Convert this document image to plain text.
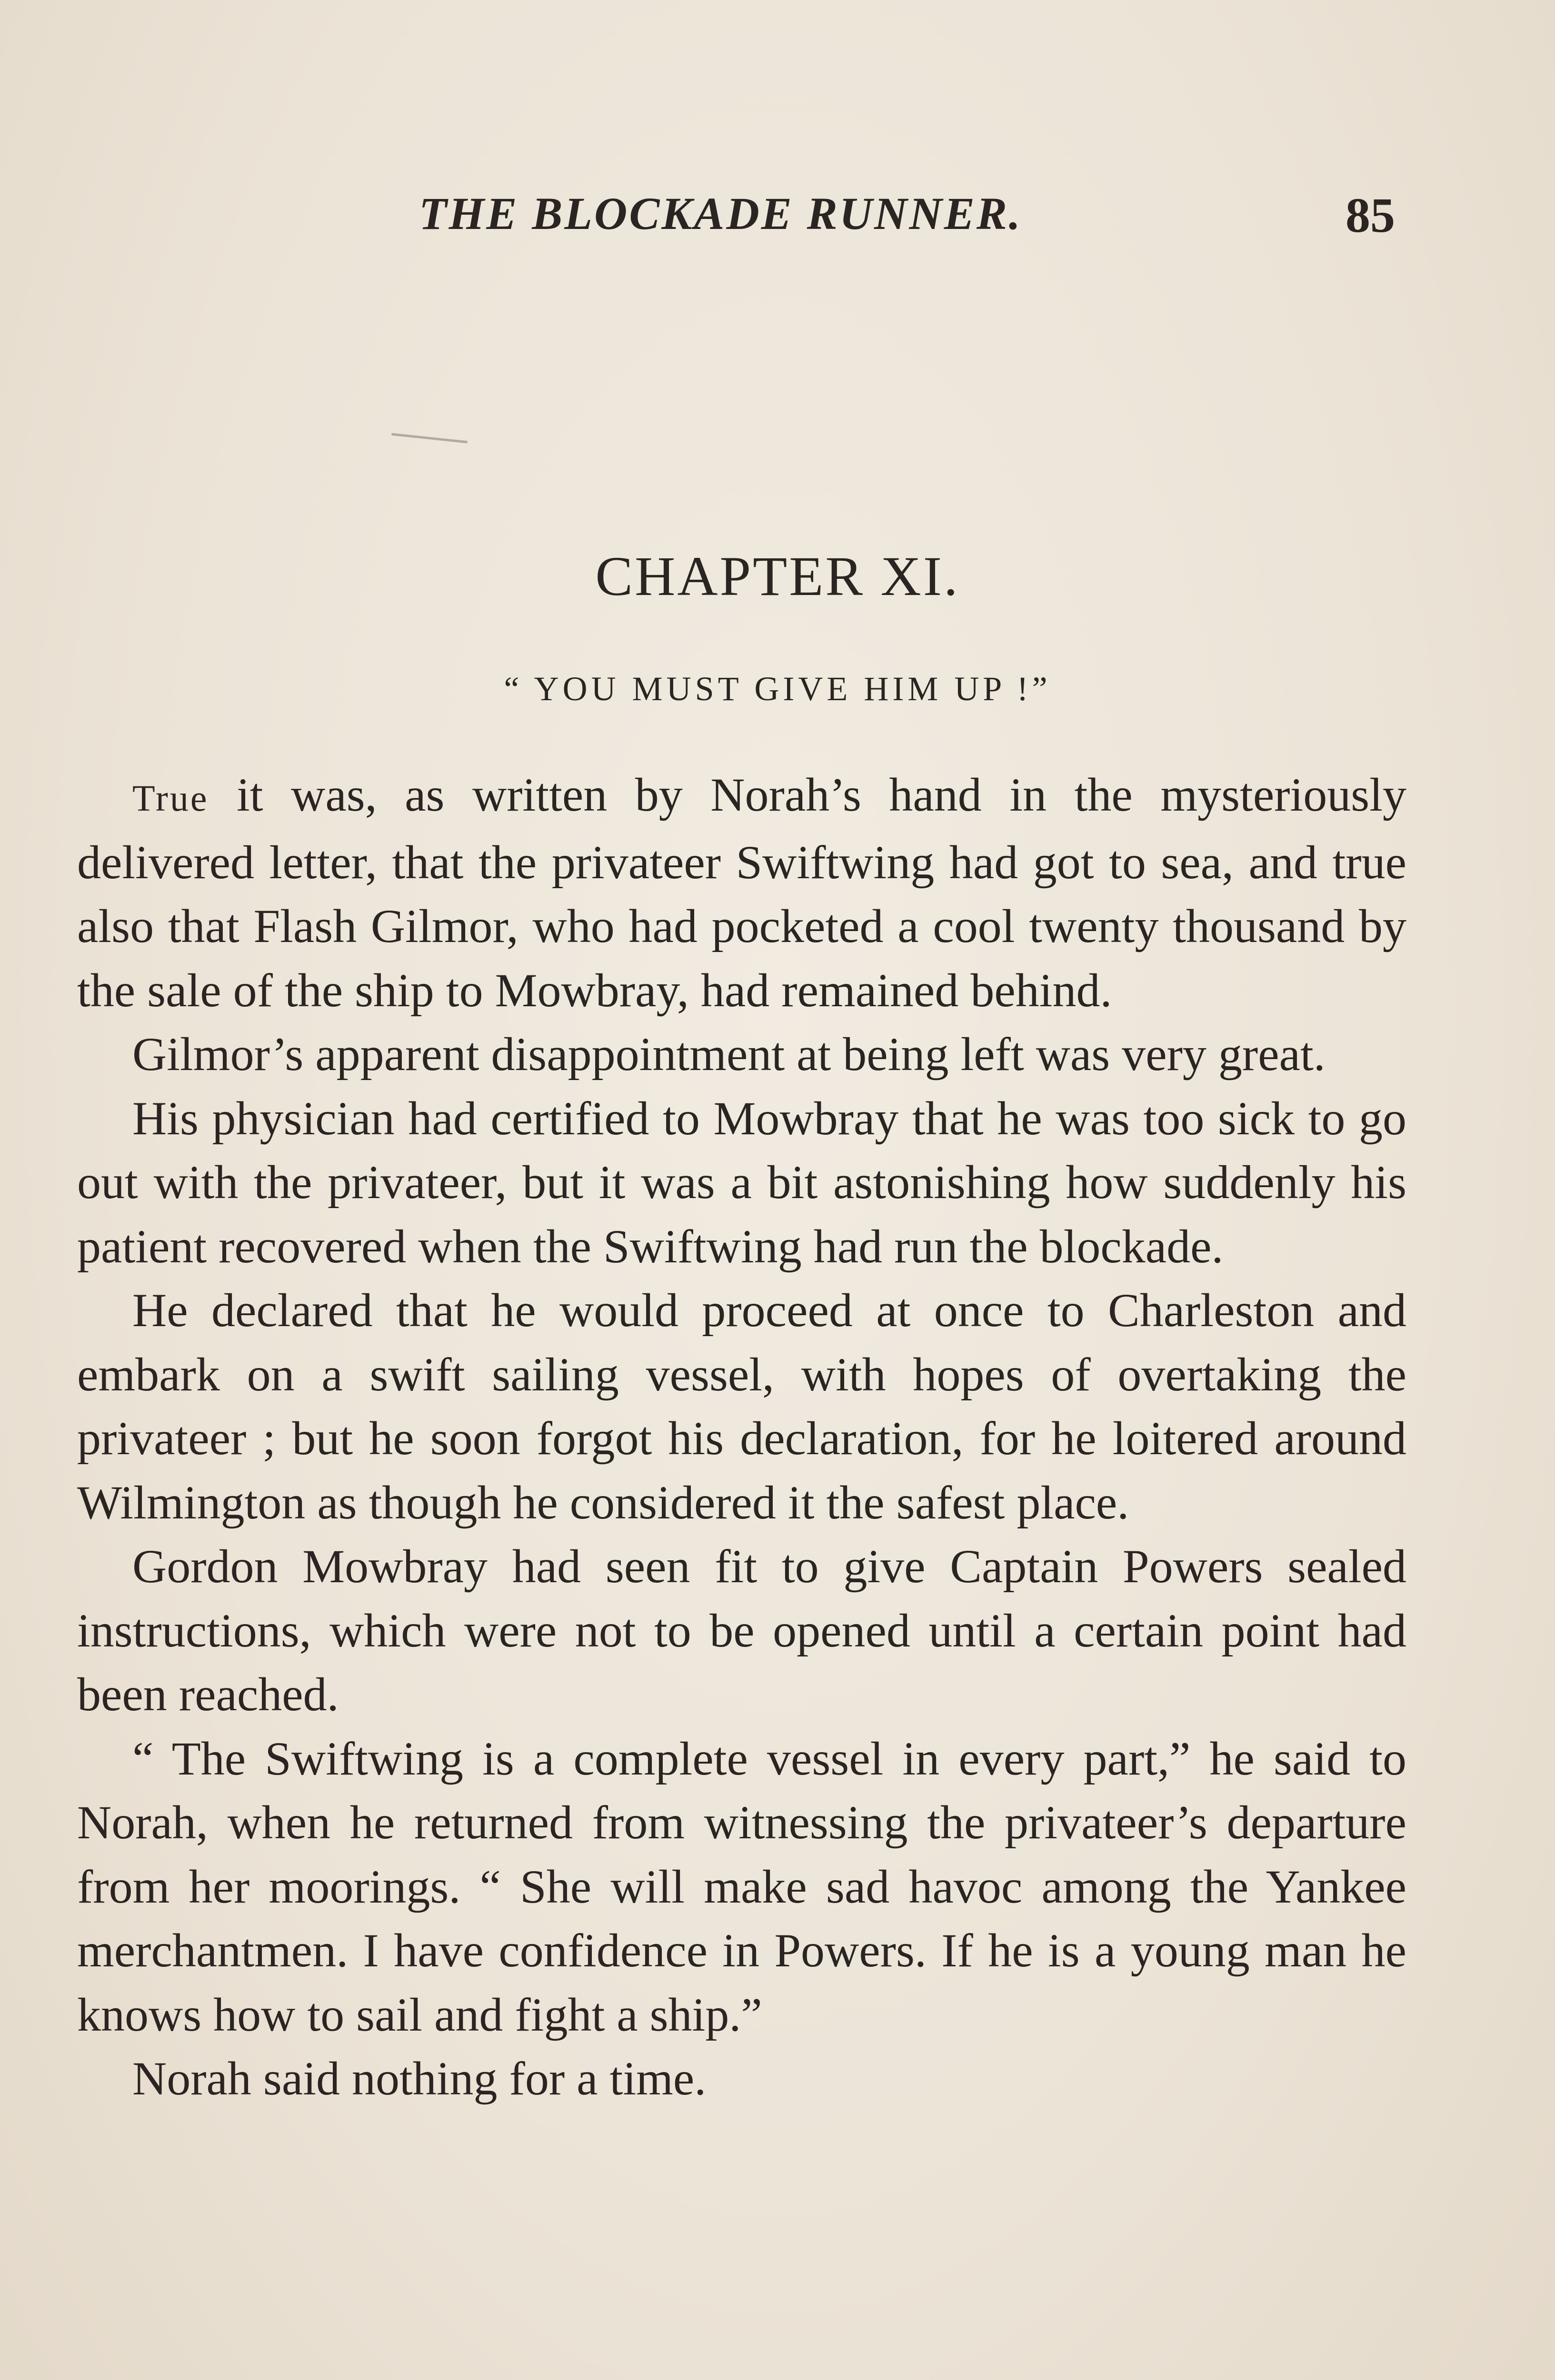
THE BLOCKADE RUNNER.	85
CHAPTER XI.
“ YOU MUST GIVE HIM UP !”

True it was, as written by Norah’s hand in the mysteriously delivered letter, that the privateer Swiftwing had got to sea, and true also that Flash Gilmor, who had pocketed a cool twenty thousand by the sale of the ship to Mowbray, had remained behind.

Gilmor’s apparent disappointment at being left was very great.

His physician had certified to Mowbray that he was too sick to go out with the privateer, but it was a bit astonishing how suddenly his patient recovered when the Swiftwing had run the blockade.

He declared that he would proceed at once to Charleston and embark on a swift sailing vessel, with hopes of overtaking the privateer ; but he soon forgot his declaration, for he loitered around Wilmington as though he considered it the safest place.

Gordon Mowbray had seen fit to give Captain Powers sealed instructions, which were not to be opened until a certain point had been reached.

“ The Swiftwing is a complete vessel in every part,” he said to Norah, when he returned from witnessing the privateer’s departure from her moorings. “ She will make sad havoc among the Yankee merchantmen. I have confidence in Powers. If he is a young man he knows how to sail and fight a ship.”

Norah said nothing for a time.
